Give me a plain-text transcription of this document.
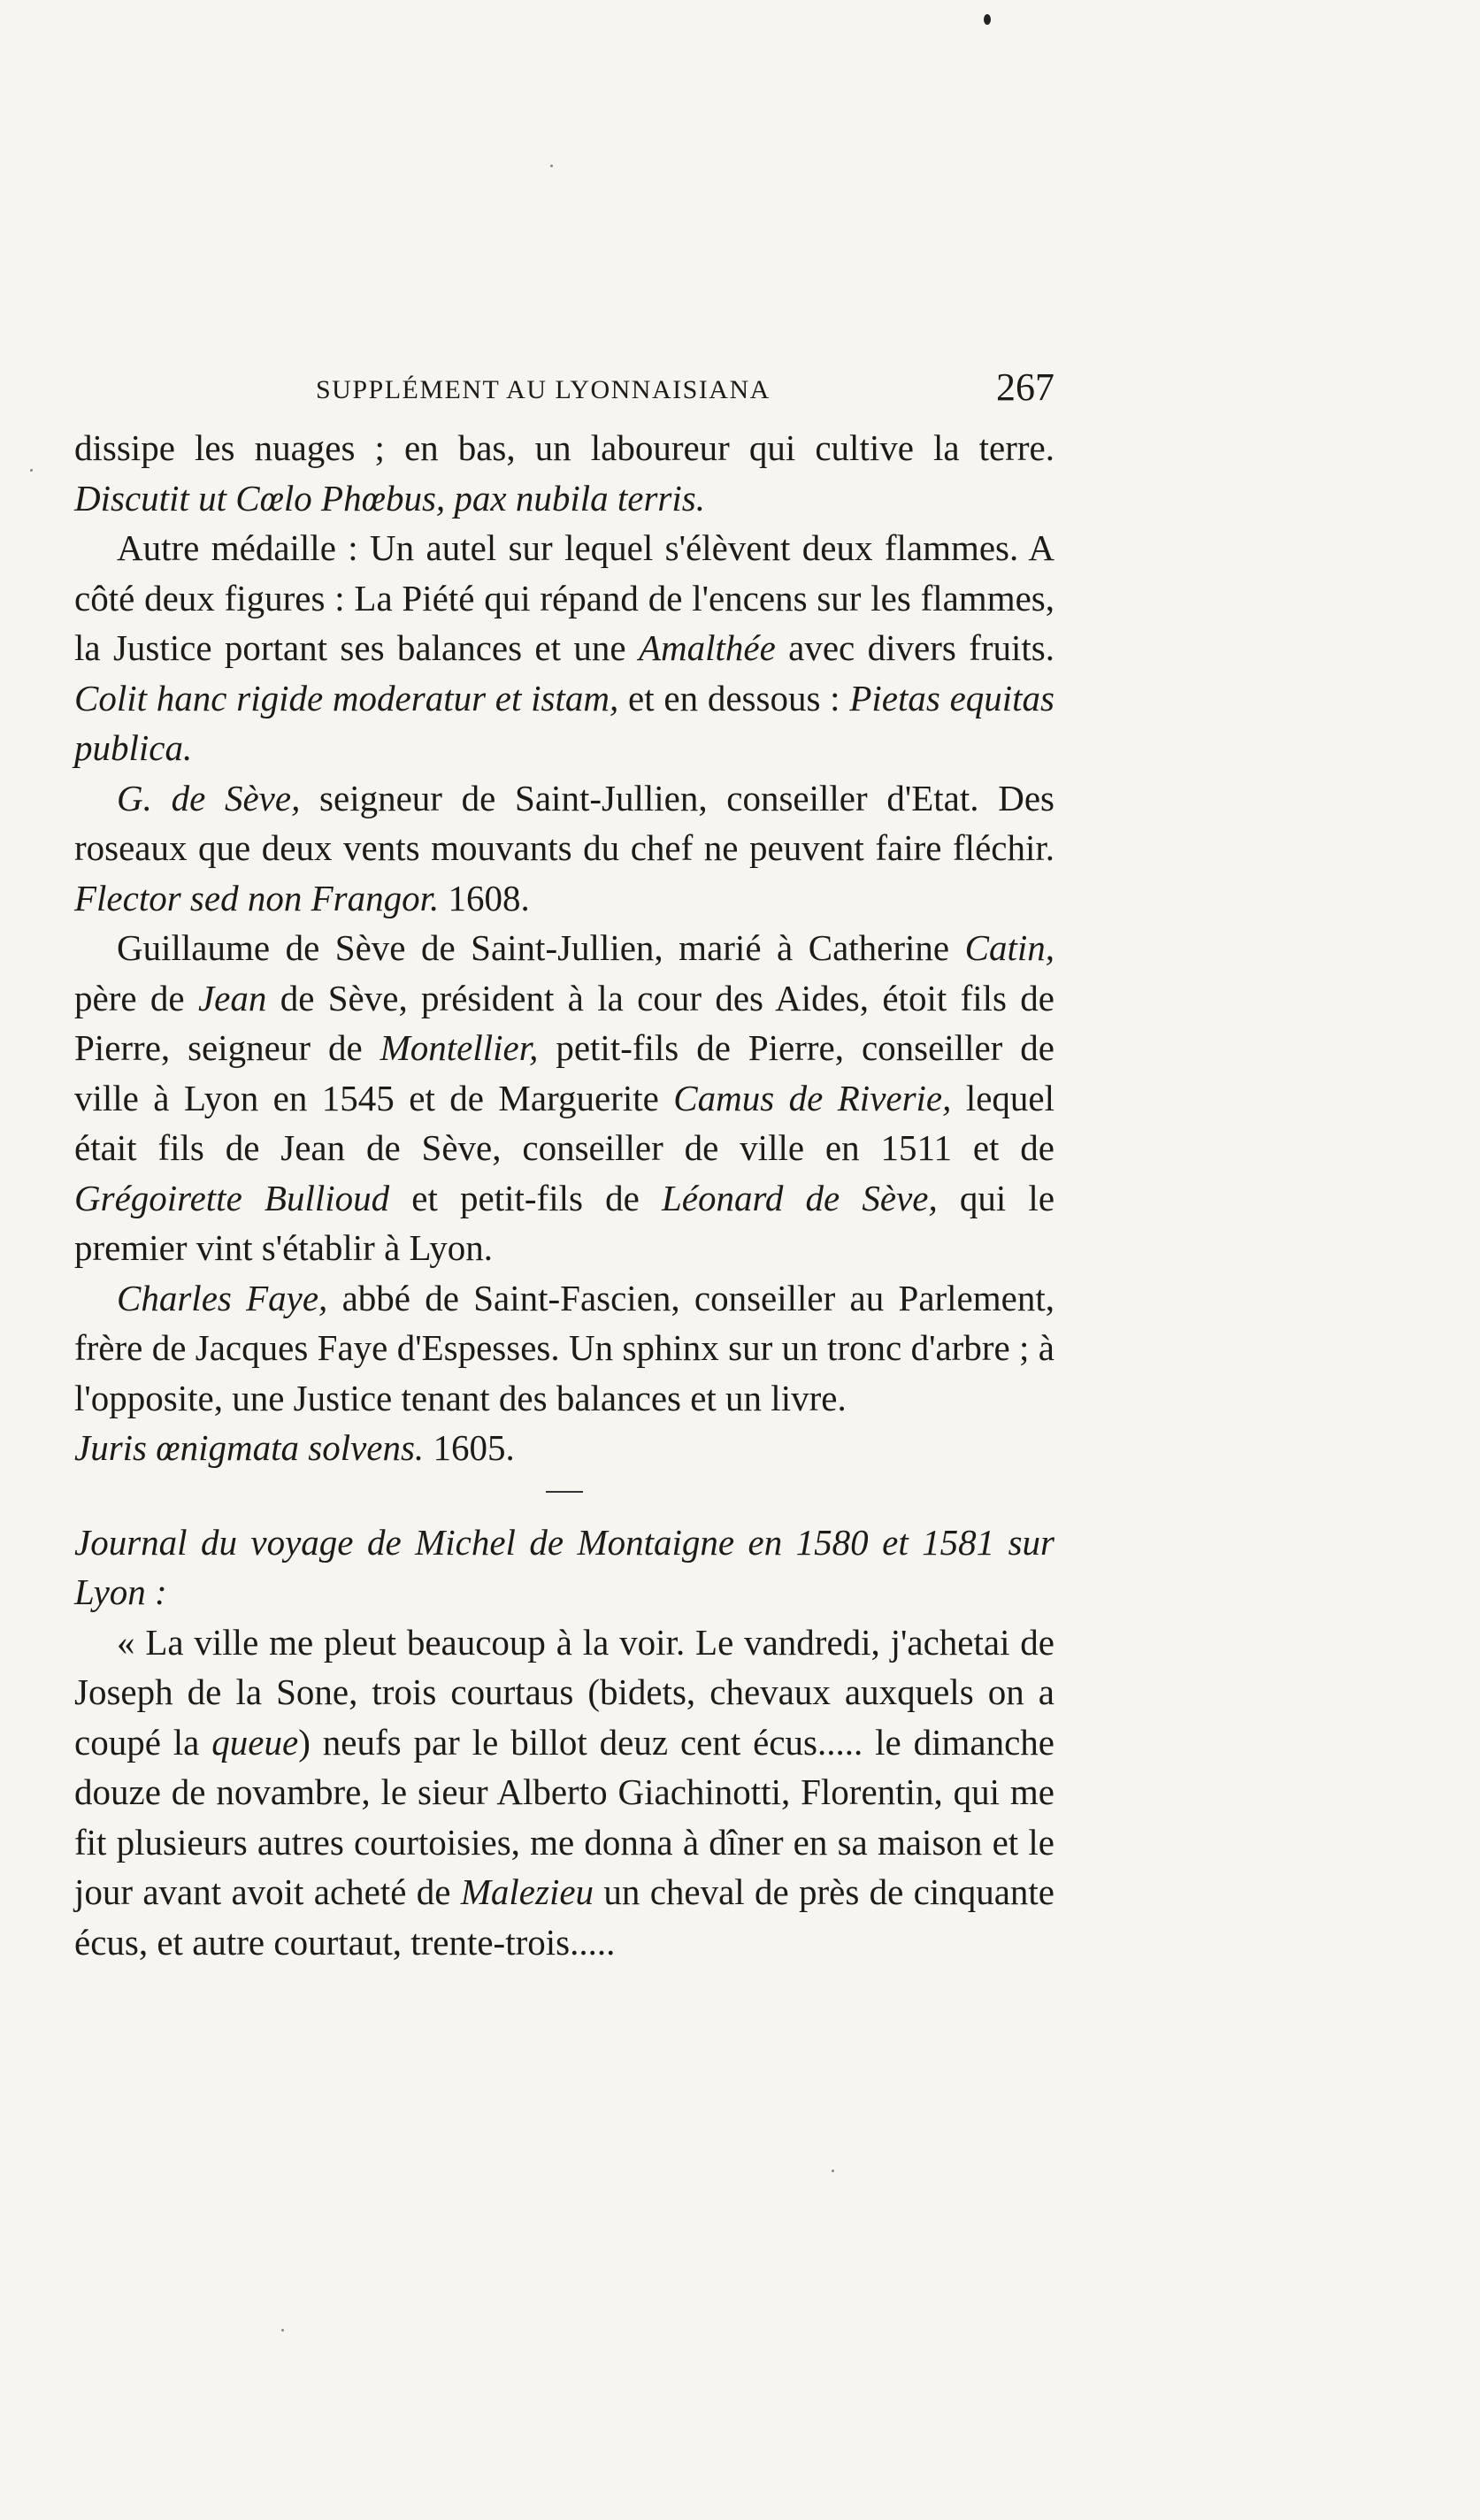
SUPPLÉMENT AU LYONNAISIANA	267

dissipe les nuages ; en bas, un laboureur qui cultive la terre. Discutit ut Cœlo Phœbus, pax nubila terris.

Autre médaille : Un autel sur lequel s'élèvent deux flammes. A côté deux figures : La Piété qui répand de l'encens sur les flammes, la Justice portant ses balances et une Amalthée avec divers fruits. Colit hanc rigide moderatur et istam, et en dessous : Pietas equitas publica.

G. de Sève, seigneur de Saint-Jullien, conseiller d'Etat. Des roseaux que deux vents mouvants du chef ne peuvent faire fléchir. Flector sed non Frangor. 1608.

Guillaume de Sève de Saint-Jullien, marié à Catherine Catin, père de Jean de Sève, président à la cour des Aides, étoit fils de Pierre, seigneur de Montellier, petit-fils de Pierre, conseiller de ville à Lyon en 1545 et de Marguerite Camus de Riverie, lequel était fils de Jean de Sève, conseiller de ville en 1511 et de Grégoirette Bullioud et petit-fils de Léonard de Sève, qui le premier vint s'établir à Lyon.

Charles Faye, abbé de Saint-Fascien, conseiller au Parlement, frère de Jacques Faye d'Espesses. Un sphinx sur un tronc d'arbre ; à l'opposite, une Justice tenant des balances et un livre.

Juris œnigmata solvens. 1605.

Journal du voyage de Michel de Montaigne en 1580 et 1581 sur Lyon :

« La ville me pleut beaucoup à la voir. Le vandredi, j'achetai de Joseph de la Sone, trois courtaus (bidets, chevaux auxquels on a coupé la queue) neufs par le billot deuz cent écus..... le dimanche douze de novambre, le sieur Alberto Giachinotti, Florentin, qui me fit plusieurs autres courtoisies, me donna à dîner en sa maison et le jour avant avoit acheté de Malezieu un cheval de près de cinquante écus, et autre courtaut, trente-trois.....
